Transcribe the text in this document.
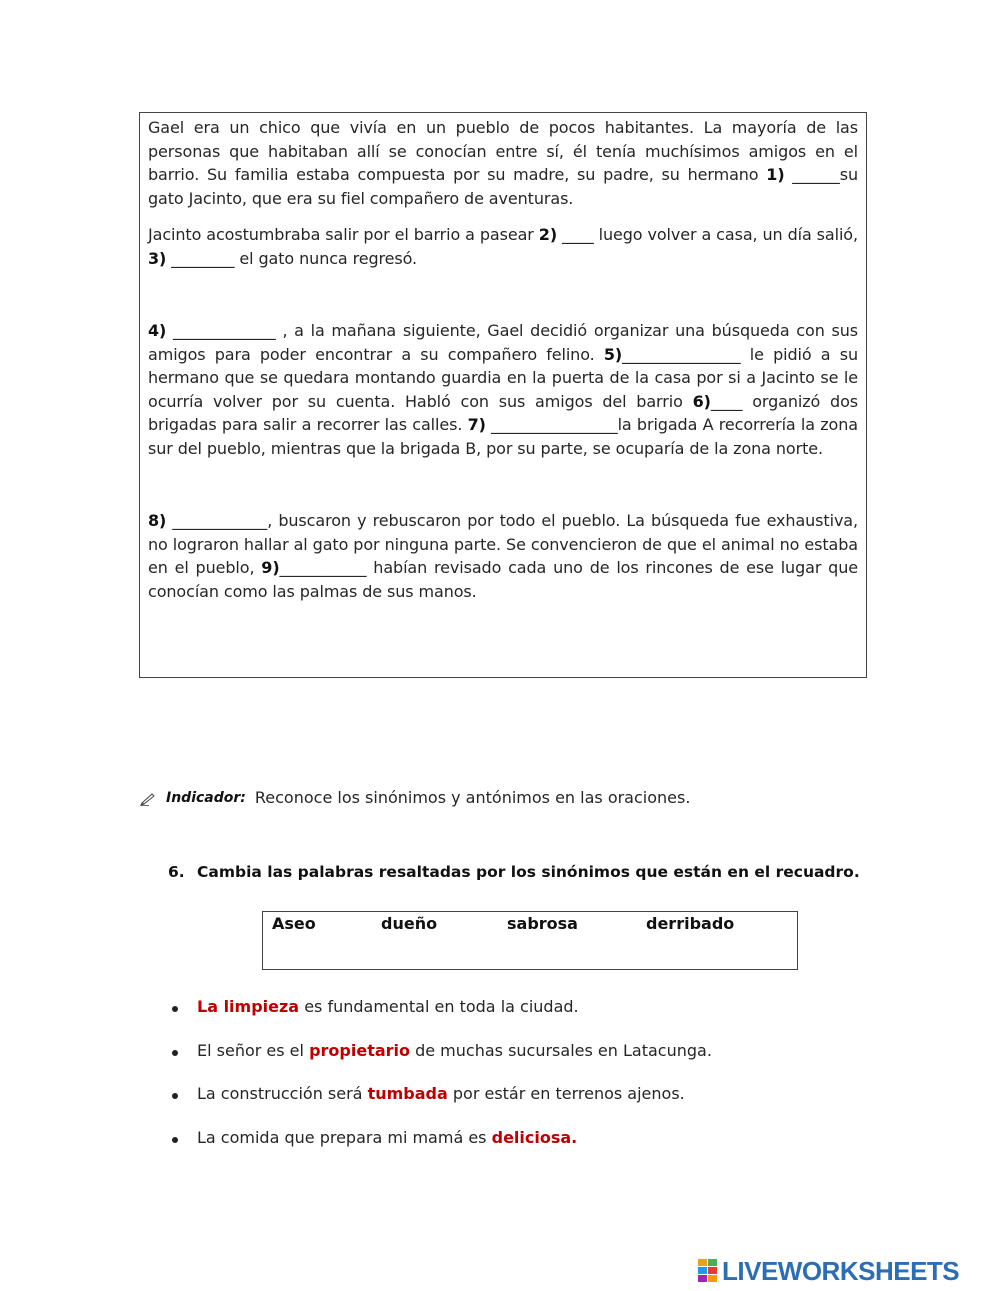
Gael era un chico que vivía en un pueblo de pocos habitantes. La mayoría de las personas que habitaban allí se conocían entre sí, él tenía muchísimos amigos en el barrio. Su familia estaba compuesta por su madre, su padre, su hermano 1) ______su gato Jacinto, que era su fiel compañero de aventuras.

Jacinto acostumbraba salir por el barrio a pasear 2) ____ luego volver a casa, un día salió, 3) ________ el gato nunca regresó.

4) _____________ , a la mañana siguiente, Gael decidió organizar una búsqueda con sus amigos para poder encontrar a su compañero felino. 5)_______________ le pidió a su hermano que se quedara montando guardia en la puerta de la casa por si a Jacinto se le ocurría volver por su cuenta. Habló con sus amigos del barrio 6)____ organizó dos brigadas para salir a recorrer las calles. 7) ________________la brigada A recorrería la zona sur del pueblo, mientras que la brigada B, por su parte, se ocuparía de la zona norte.

8) ____________, buscaron y rebuscaron por todo el pueblo. La búsqueda fue exhaustiva, no lograron hallar al gato por ninguna parte. Se convencieron de que el animal no estaba en el pueblo, 9)___________ habían revisado cada uno de los rincones de ese lugar que conocían como las palmas de sus manos.

Indicador: Reconoce los sinónimos y antónimos en las oraciones.
6. Cambia las palabras resaltadas por los sinónimos que están en el recuadro.
Aseo	dueño	sabrosa	derribado
La limpieza es fundamental en toda la ciudad.
El señor es el propietario de muchas sucursales en Latacunga.
La construcción será tumbada por estár en terrenos ajenos.
La comida que prepara mi mamá es deliciosa.
LIVEWORKSHEETS
